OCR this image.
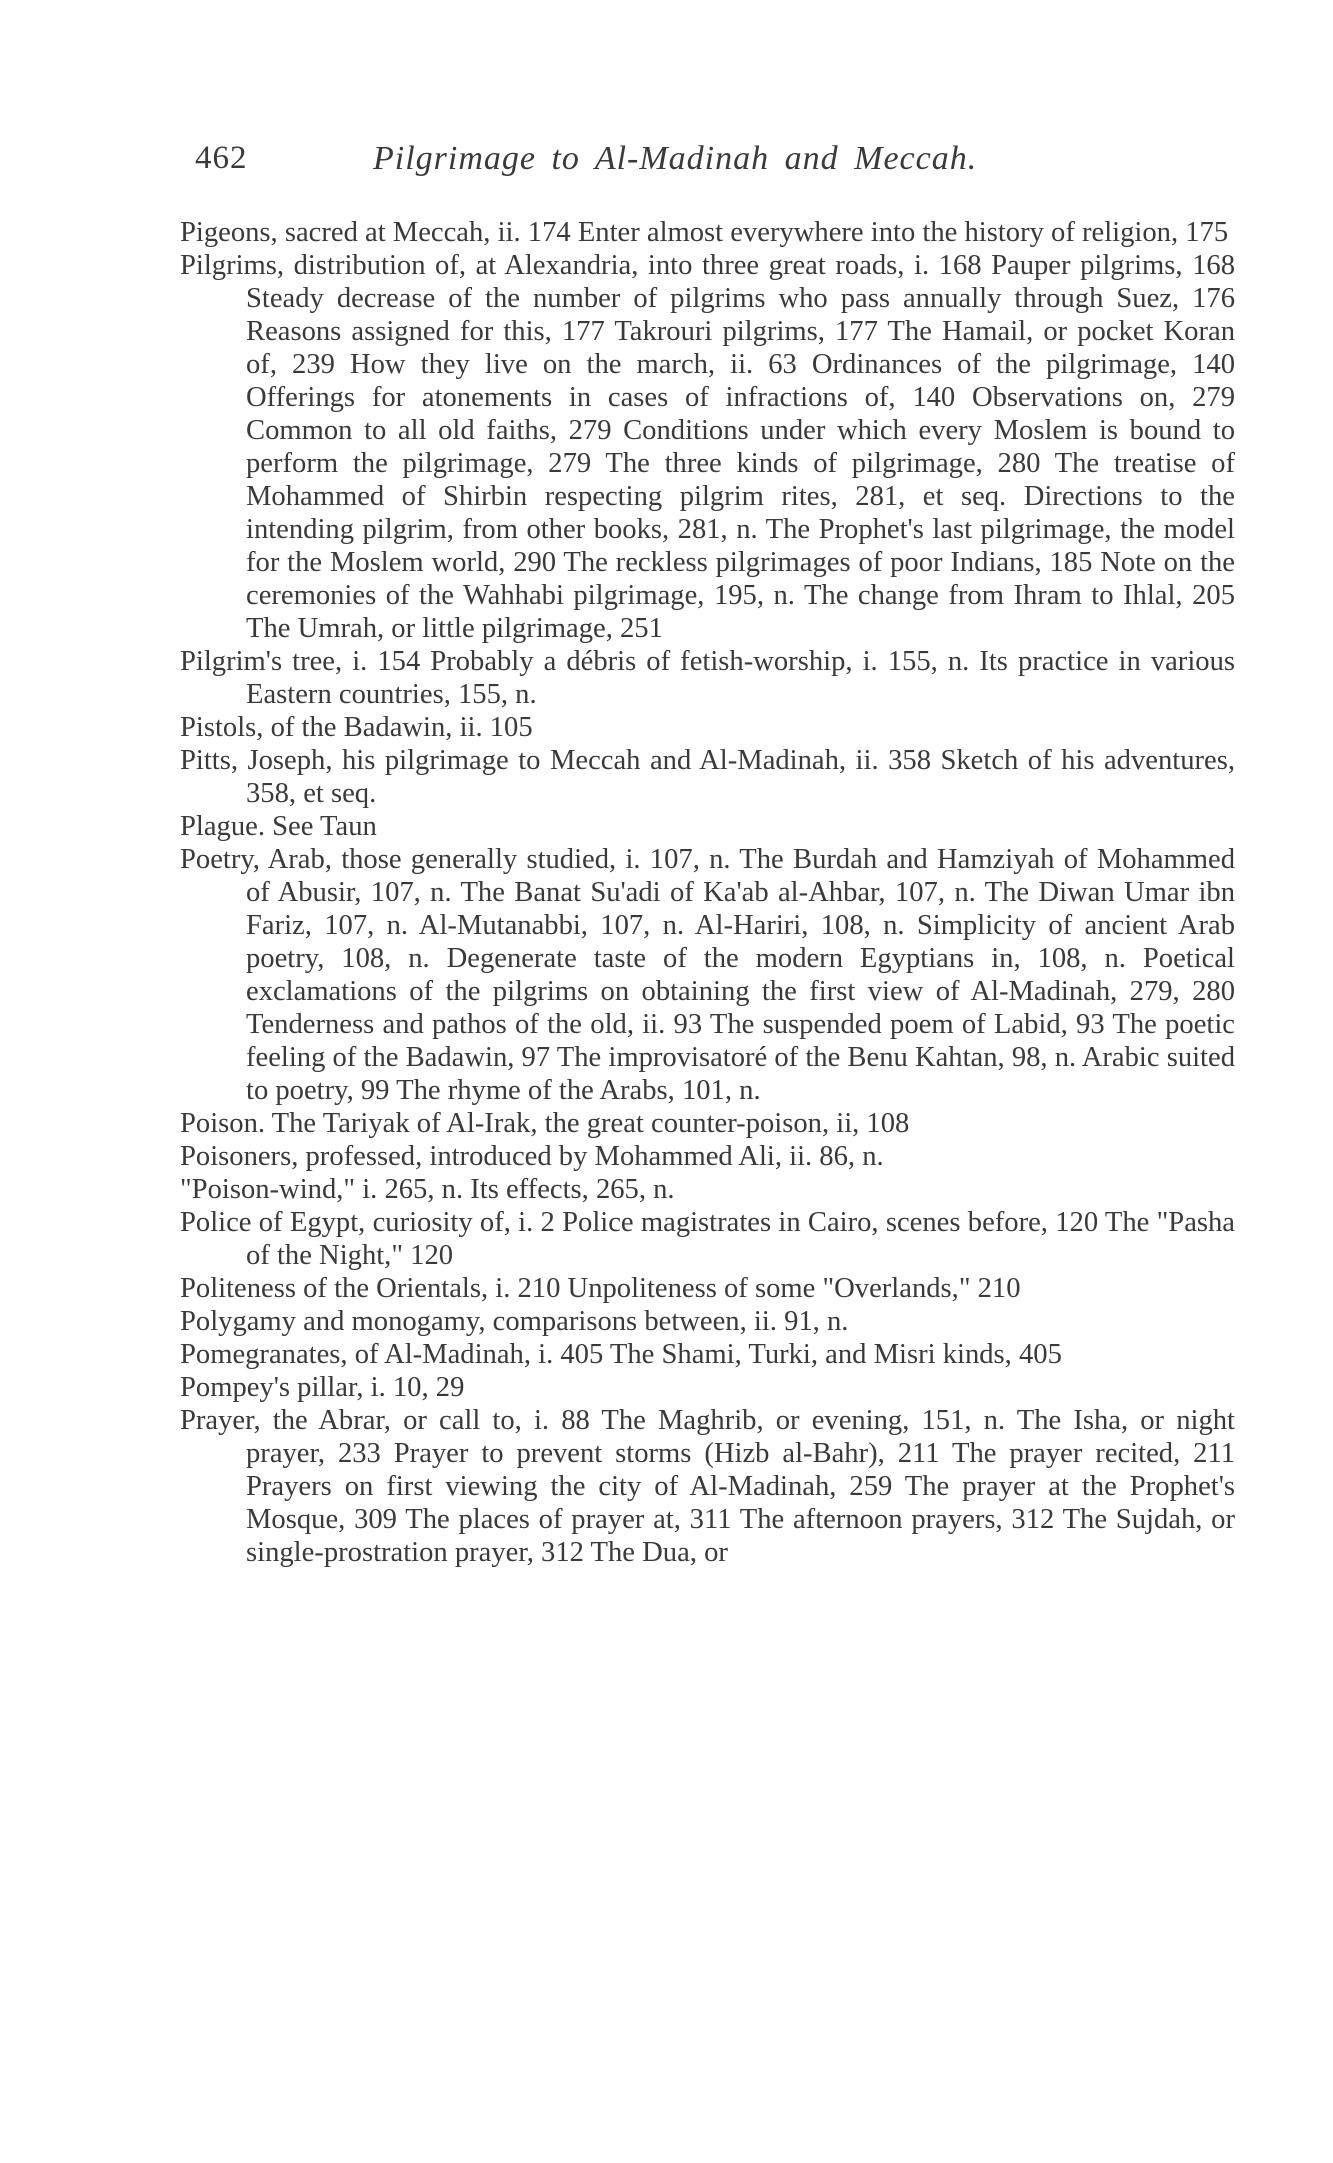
462	Pilgrimage to Al-Madinah and Meccah.

Pigeons, sacred at Meccah, ii. 174 Enter almost everywhere into the history of religion, 175

Pilgrims, distribution of, at Alexandria, into three great roads, i. 168 Pauper pilgrims, 168 Steady decrease of the number of pilgrims who pass annually through Suez, 176 Reasons assigned for this, 177 Takrouri pilgrims, 177 The Hamail, or pocket Koran of, 239 How they live on the march, ii. 63 Ordinances of the pilgrimage, 140 Offerings for atonements in cases of infractions of, 140 Observations on, 279 Common to all old faiths, 279 Conditions under which every Moslem is bound to perform the pilgrimage, 279 The three kinds of pilgrimage, 280 The treatise of Mohammed of Shirbin respecting pilgrim rites, 281, et seq. Directions to the intending pilgrim, from other books, 281, n. The Prophet's last pilgrimage, the model for the Moslem world, 290 The reckless pilgrimages of poor Indians, 185 Note on the ceremonies of the Wahhabi pilgrimage, 195, n. The change from Ihram to Ihlal, 205 The Umrah, or little pilgrimage, 251

Pilgrim's tree, i. 154 Probably a débris of fetish-worship, i. 155, n. Its practice in various Eastern countries, 155, n.

Pistols, of the Badawin, ii. 105

Pitts, Joseph, his pilgrimage to Meccah and Al-Madinah, ii. 358 Sketch of his adventures, 358, et seq.

Plague. See Taun

Poetry, Arab, those generally studied, i. 107, n. The Burdah and Hamziyah of Mohammed of Abusir, 107, n. The Banat Su'adi of Ka'ab al-Ahbar, 107, n. The Diwan Umar ibn Fariz, 107, n. Al-Mutanabbi, 107, n. Al-Hariri, 108, n. Simplicity of ancient Arab poetry, 108, n. Degenerate taste of the modern Egyptians in, 108, n. Poetical exclamations of the pilgrims on obtaining the first view of Al-Madinah, 279, 280 Tenderness and pathos of the old, ii. 93 The suspended poem of Labid, 93 The poetic feeling of the Badawin, 97 The improvisatoré of the Benu Kahtan, 98, n. Arabic suited to poetry, 99 The rhyme of the Arabs, 101, n.

Poison. The Tariyak of Al-Irak, the great counter-poison, ii, 108

Poisoners, professed, introduced by Mohammed Ali, ii. 86, n.

"Poison-wind," i. 265, n. Its effects, 265, n.

Police of Egypt, curiosity of, i. 2 Police magistrates in Cairo, scenes before, 120 The "Pasha of the Night," 120

Politeness of the Orientals, i. 210 Unpoliteness of some "Overlands," 210

Polygamy and monogamy, comparisons between, ii. 91, n.

Pomegranates, of Al-Madinah, i. 405 The Shami, Turki, and Misri kinds, 405

Pompey's pillar, i. 10, 29

Prayer, the Abrar, or call to, i. 88 The Maghrib, or evening, 151, n. The Isha, or night prayer, 233 Prayer to prevent storms (Hizb al-Bahr), 211 The prayer recited, 211 Prayers on first viewing the city of Al-Madinah, 259 The prayer at the Prophet's Mosque, 309 The places of prayer at, 311 The afternoon prayers, 312 The Sujdah, or single-prostration prayer, 312 The Dua, or
